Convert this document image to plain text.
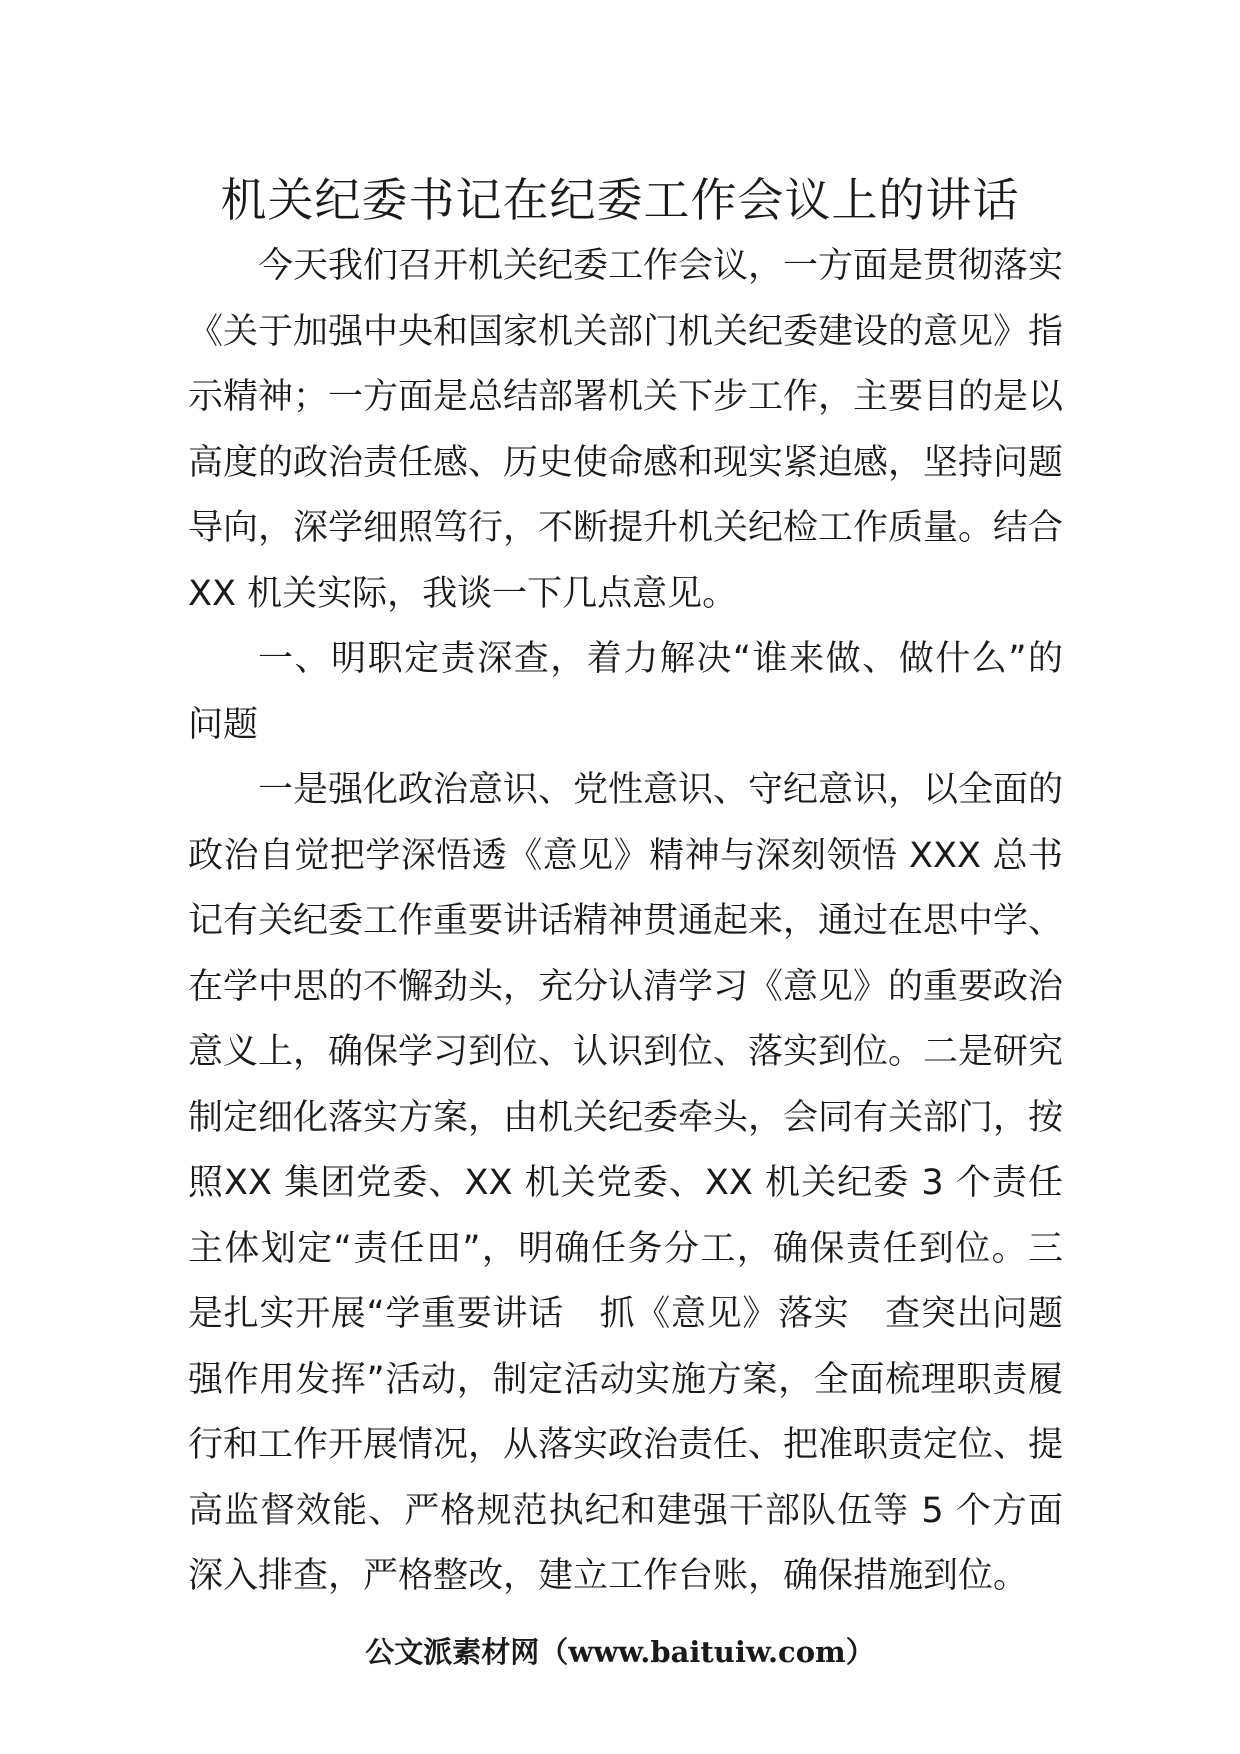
机关纪委书记在纪委工作会议上的讲话

今天我们召开机关纪委工作会议，一方面是贯彻落实《关于加强中央和国家机关部门机关纪委建设的意见》指示精神；一方面是总结部署机关下步工作，主要目的是以高度的政治责任感、历史使命感和现实紧迫感，坚持问题导向，深学细照笃行，不断提升机关纪检工作质量。结合XX 机关实际，我谈一下几点意见。

一、明职定责深查，着力解决“谁来做、做什么”的问题

一是强化政治意识、党性意识、守纪意识，以全面的政治自觉把学深悟透《意见》精神与深刻领悟 XXX 总书记有关纪委工作重要讲话精神贯通起来，通过在思中学、在学中思的不懈劲头，充分认清学习《意见》的重要政治意义上，确保学习到位、认识到位、落实到位。二是研究制定细化落实方案，由机关纪委牵头，会同有关部门，按照XX 集团党委、XX 机关党委、XX 机关纪委 3 个责任主体划定“责任田”，明确任务分工，确保责任到位。三是扎实开展“学重要讲话　抓《意见》落实　查突出问题　强作用发挥”活动，制定活动实施方案，全面梳理职责履行和工作开展情况，从落实政治责任、把准职责定位、提高监督效能、严格规范执纪和建强干部队伍等 5 个方面深入排查，严格整改，建立工作台账，确保措施到位。

公文派素材网（www.baituiw.com）
